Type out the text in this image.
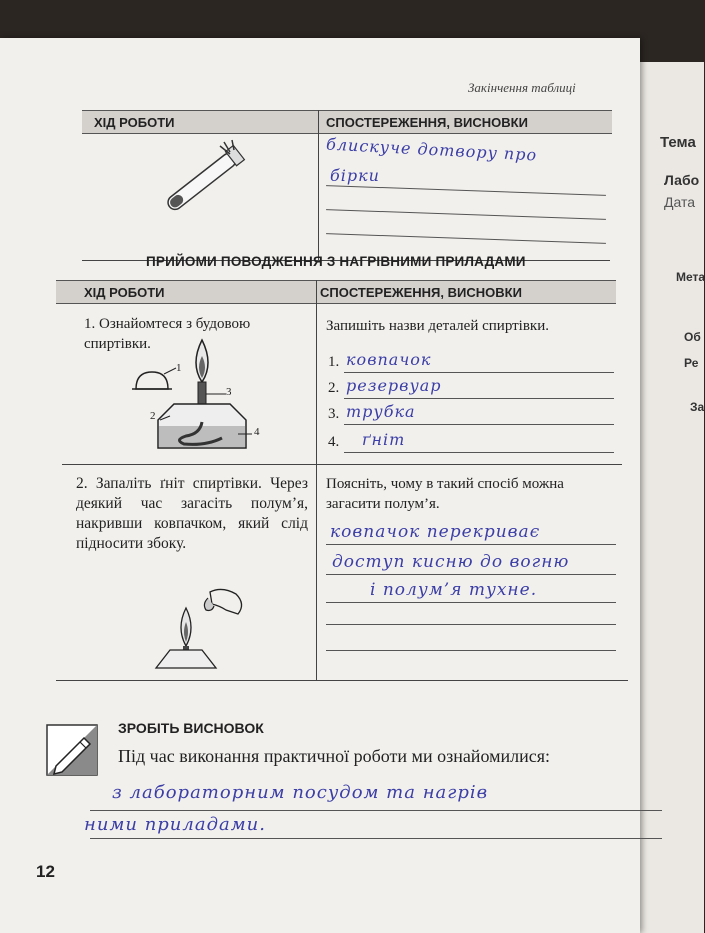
Тема
Лабо
Дата
Мета
Об
Ре
За
Закінчення таблиці
ХІД РОБОТИ	СПОСТЕРЕЖЕННЯ, ВИСНОВКИ
блискуче дотвору про
бірки
ПРИЙОМИ ПОВОДЖЕННЯ З НАГРІВНИМИ ПРИЛАДАМИ
ХІД РОБОТИ	СПОСТЕРЕЖЕННЯ, ВИСНОВКИ
1. Ознайомтеся з будовою спиртівки.
Запишіть назви деталей спиртівки.
1
3
2
4
1. ковпачок
2. резервуар
3. трубка
4. ґніт
2. Запаліть ґніт спиртівки. Через деякий час загасіть полум’я, накривши ковпачком, який слід підносити збоку.
Поясніть, чому в такий спосіб можна загасити полум’я.
ковпачок перекриває
доступ кисню до вогню
і полум’я тухне.
ЗРОБІТЬ ВИСНОВОК
Під час виконання практичної роботи ми ознайомилися:
з лабораторним посудом та нагрів
ними приладами.
12
